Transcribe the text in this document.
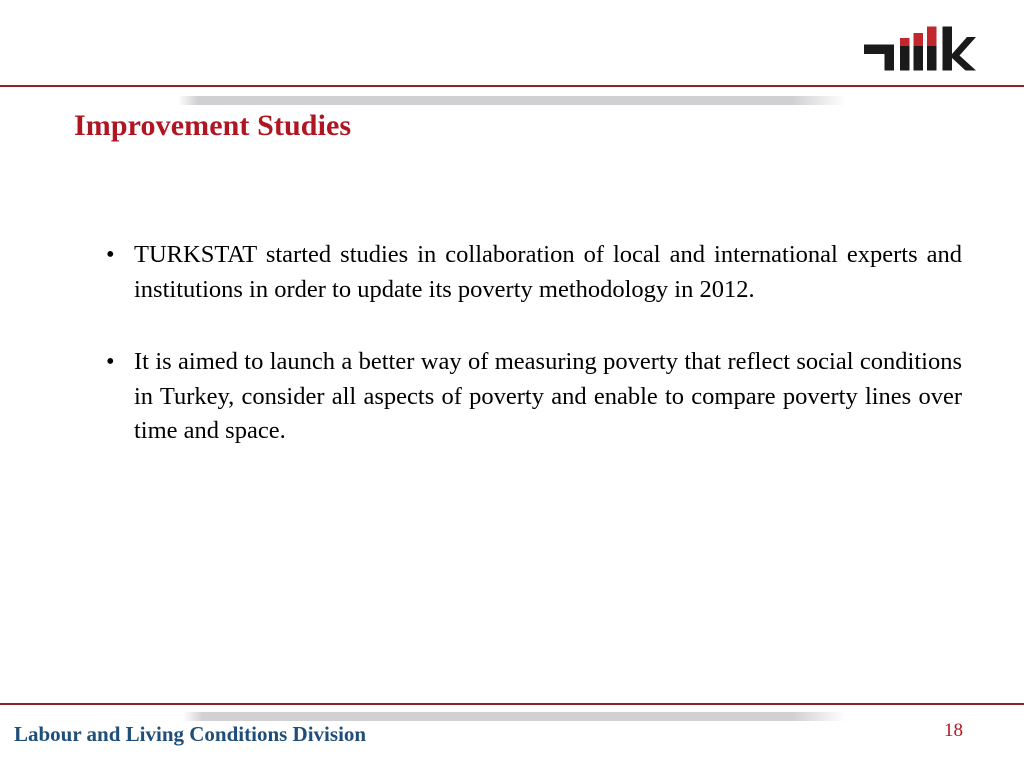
Improvement Studies
• TURKSTAT started studies in collaboration of local and international experts and institutions in order to update its poverty methodology in 2012.
• It is aimed to launch a better way of measuring poverty that reflect social conditions in Turkey, consider all aspects of poverty and enable to compare poverty lines over time and space.
Labour and Living Conditions Division	18
